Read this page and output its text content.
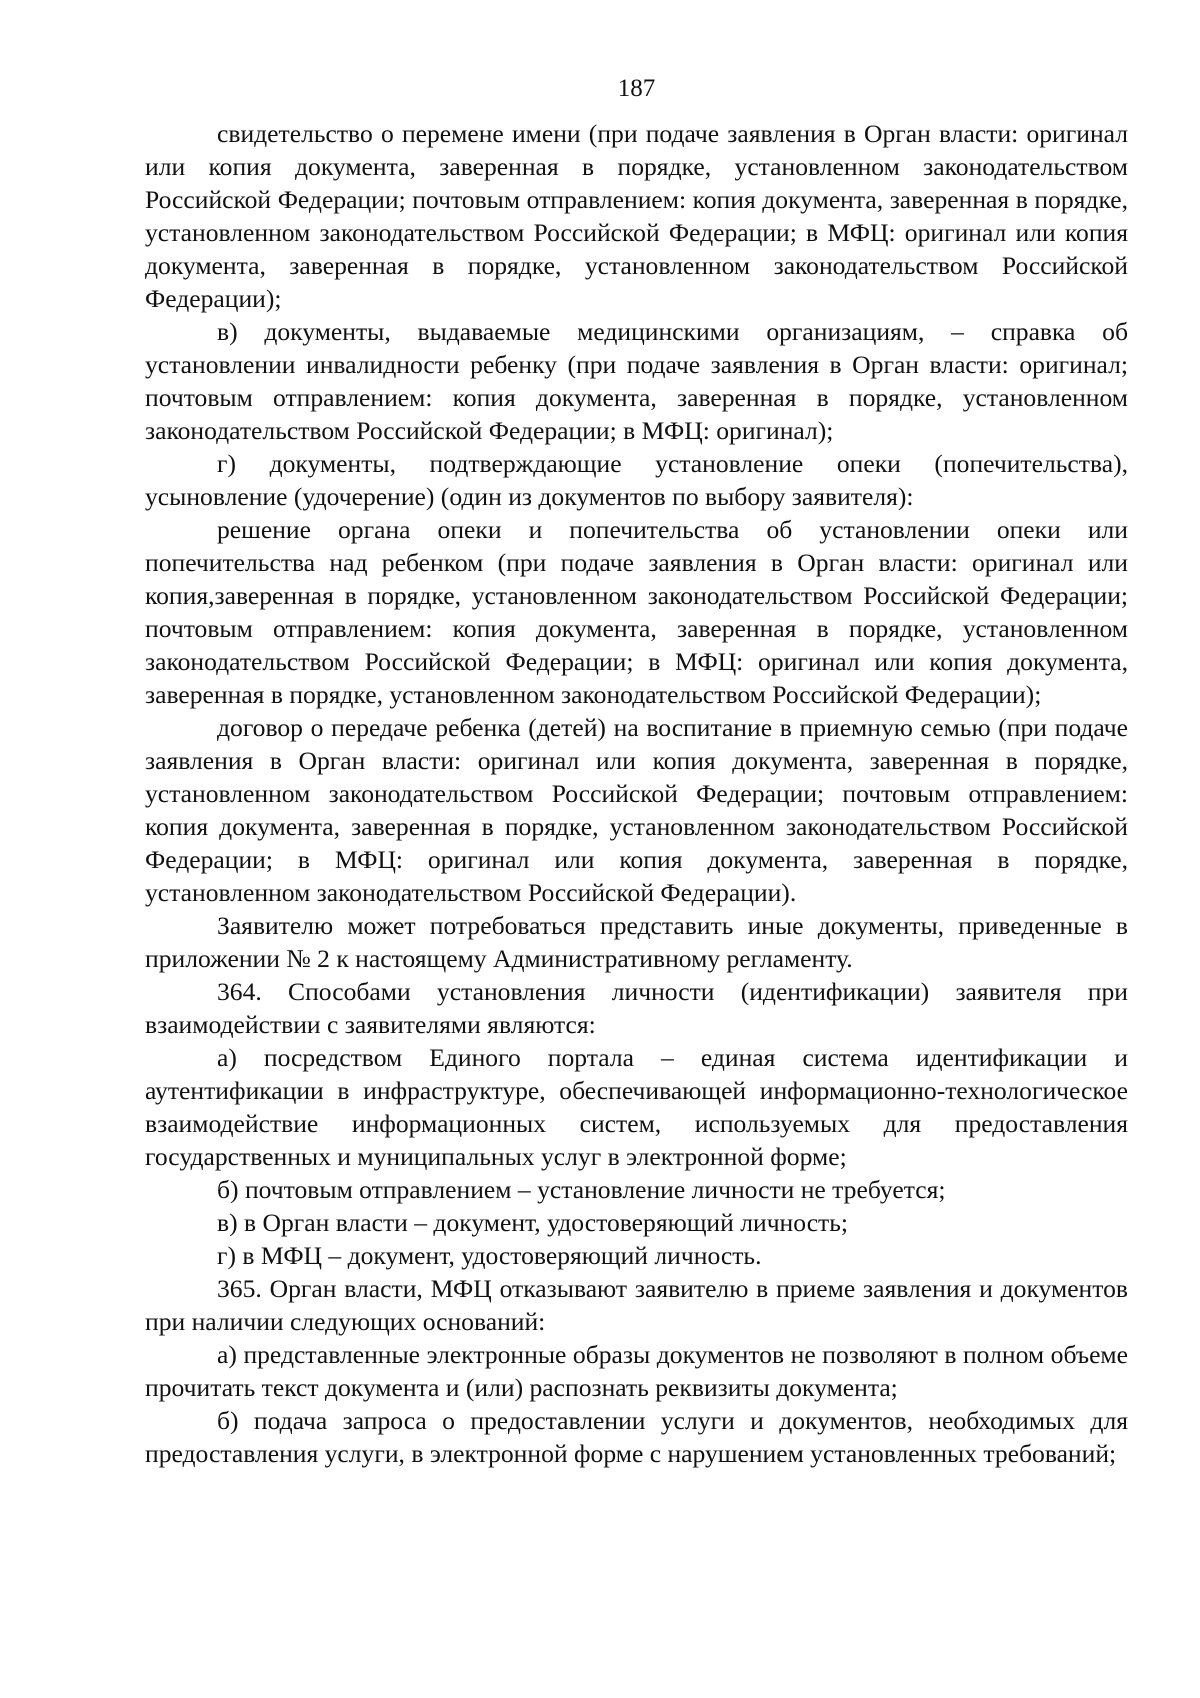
187

свидетельство о перемене имени (при подаче заявления в Орган власти: оригинал или копия документа, заверенная в порядке, установленном законодательством Российской Федерации; почтовым отправлением: копия документа, заверенная в порядке, установленном законодательством Российской Федерации; в МФЦ: оригинал или копия документа, заверенная в порядке, установленном законодательством Российской Федерации);

в) документы, выдаваемые медицинскими организациям, – справка об установлении инвалидности ребенку (при подаче заявления в Орган власти: оригинал; почтовым отправлением: копия документа, заверенная в порядке, установленном законодательством Российской Федерации; в МФЦ: оригинал);

г) документы, подтверждающие установление опеки (попечительства), усыновление (удочерение) (один из документов по выбору заявителя):

решение органа опеки и попечительства об установлении опеки или попечительства над ребенком (при подаче заявления в Орган власти: оригинал или копия,заверенная в порядке, установленном законодательством Российской Федерации; почтовым отправлением: копия документа, заверенная в порядке, установленном законодательством Российской Федерации; в МФЦ: оригинал или копия документа, заверенная в порядке, установленном законодательством Российской Федерации);

договор о передаче ребенка (детей) на воспитание в приемную семью (при подаче заявления в Орган власти: оригинал или копия документа, заверенная в порядке, установленном законодательством Российской Федерации; почтовым отправлением: копия документа, заверенная в порядке, установленном законодательством Российской Федерации; в МФЦ: оригинал или копия документа, заверенная в порядке, установленном законодательством Российской Федерации).

Заявителю может потребоваться представить иные документы, приведенные в приложении № 2 к настоящему Административному регламенту.

364. Способами установления личности (идентификации) заявителя при взаимодействии с заявителями являются:

а) посредством Единого портала – единая система идентификации и аутентификации в инфраструктуре, обеспечивающей информационно-технологическое взаимодействие информационных систем, используемых для предоставления государственных и муниципальных услуг в электронной форме;

б) почтовым отправлением – установление личности не требуется;

в) в Орган власти – документ, удостоверяющий личность;

г) в МФЦ – документ, удостоверяющий личность.

365. Орган власти, МФЦ отказывают заявителю в приеме заявления и документов при наличии следующих оснований:

а) представленные электронные образы документов не позволяют в полном объеме прочитать текст документа и (или) распознать реквизиты документа;

б) подача запроса о предоставлении услуги и документов, необходимых для предоставления услуги, в электронной форме с нарушением установленных требований;
